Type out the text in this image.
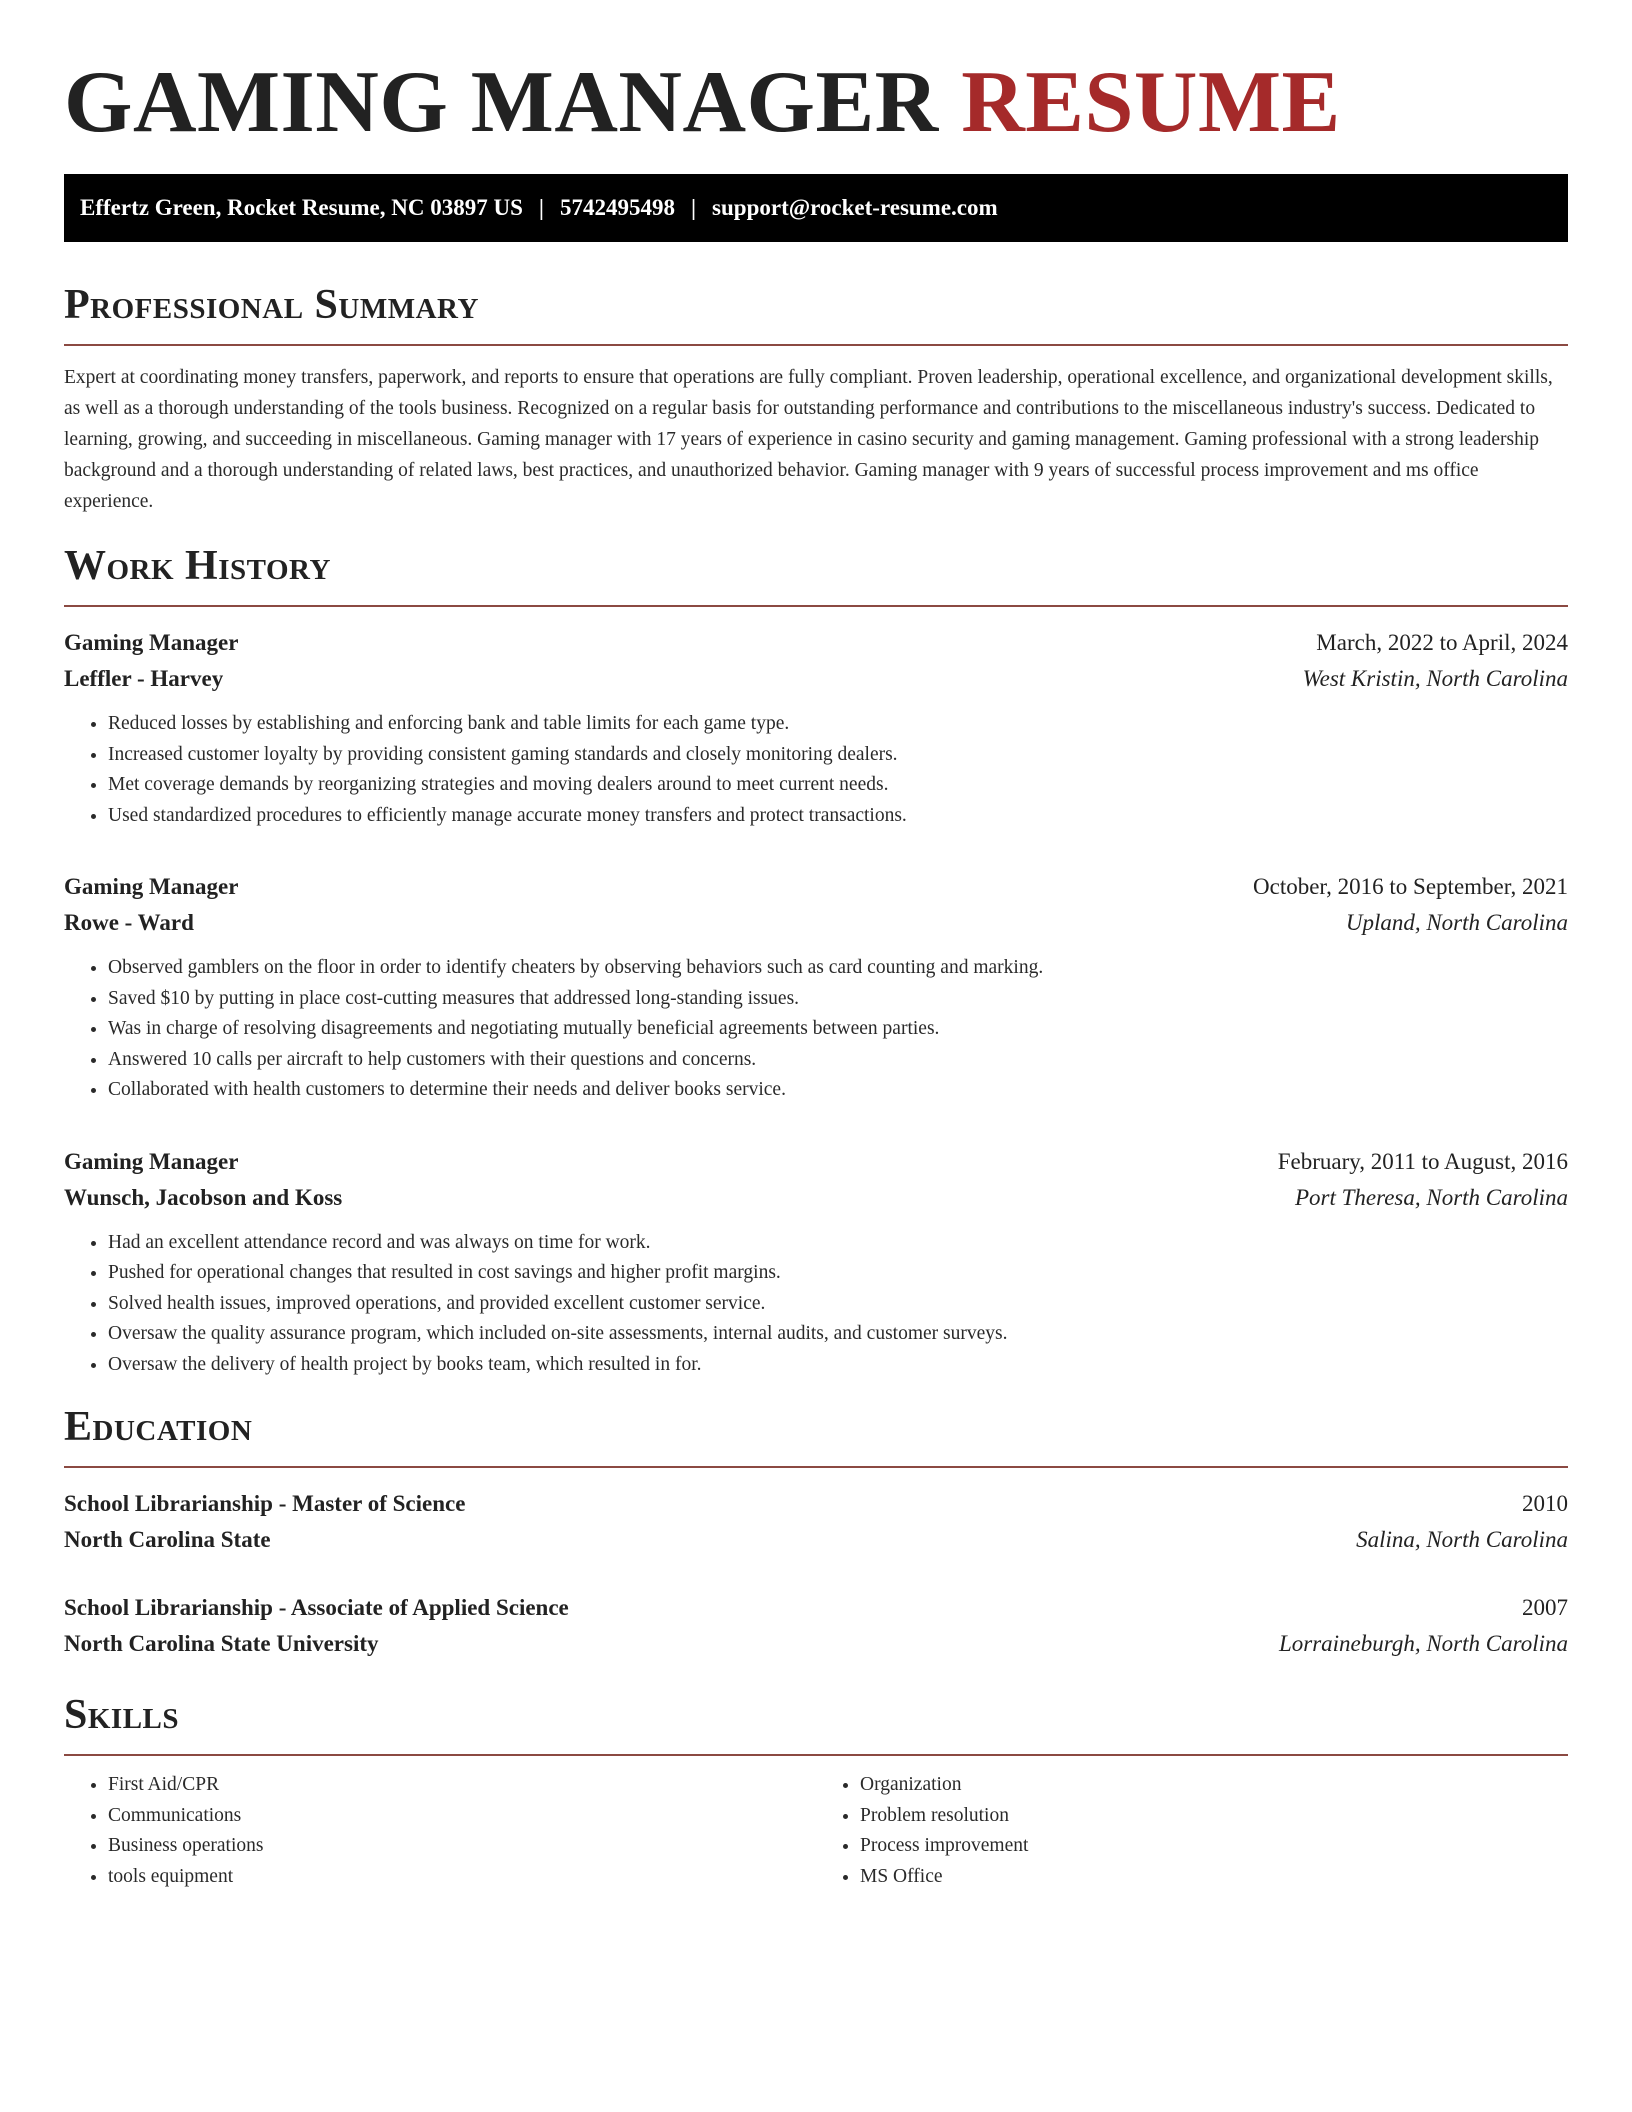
GAMING MANAGER RESUME
Effertz Green, Rocket Resume, NC 03897 US | 5742495498 | support@rocket-resume.com
Professional Summary

Expert at coordinating money transfers, paperwork, and reports to ensure that operations are fully compliant. Proven leadership, operational excellence, and organizational development skills, as well as a thorough understanding of the tools business. Recognized on a regular basis for outstanding performance and contributions to the miscellaneous industry's success. Dedicated to learning, growing, and succeeding in miscellaneous. Gaming manager with 17 years of experience in casino security and gaming management. Gaming professional with a strong leadership background and a thorough understanding of related laws, best practices, and unauthorized behavior. Gaming manager with 9 years of successful process improvement and ms office experience.

Work History
Gaming Manager	March, 2022 to April, 2024
Leffler - Harvey	West Kristin, North Carolina
• Reduced losses by establishing and enforcing bank and table limits for each game type.
• Increased customer loyalty by providing consistent gaming standards and closely monitoring dealers.
• Met coverage demands by reorganizing strategies and moving dealers around to meet current needs.
• Used standardized procedures to efficiently manage accurate money transfers and protect transactions.
Gaming Manager	October, 2016 to September, 2021
Rowe - Ward	Upland, North Carolina
• Observed gamblers on the floor in order to identify cheaters by observing behaviors such as card counting and marking.
• Saved $10 by putting in place cost-cutting measures that addressed long-standing issues.
• Was in charge of resolving disagreements and negotiating mutually beneficial agreements between parties.
• Answered 10 calls per aircraft to help customers with their questions and concerns.
• Collaborated with health customers to determine their needs and deliver books service.
Gaming Manager	February, 2011 to August, 2016
Wunsch, Jacobson and Koss	Port Theresa, North Carolina
• Had an excellent attendance record and was always on time for work.
• Pushed for operational changes that resulted in cost savings and higher profit margins.
• Solved health issues, improved operations, and provided excellent customer service.
• Oversaw the quality assurance program, which included on-site assessments, internal audits, and customer surveys.
• Oversaw the delivery of health project by books team, which resulted in for.
Education
School Librarianship - Master of Science	2010
North Carolina State	Salina, North Carolina
School Librarianship - Associate of Applied Science	2007
North Carolina State University	Lorraineburgh, North Carolina
Skills
• First Aid/CPR
• Communications
• Business operations
• tools equipment
• Organization
• Problem resolution
• Process improvement
• MS Office
